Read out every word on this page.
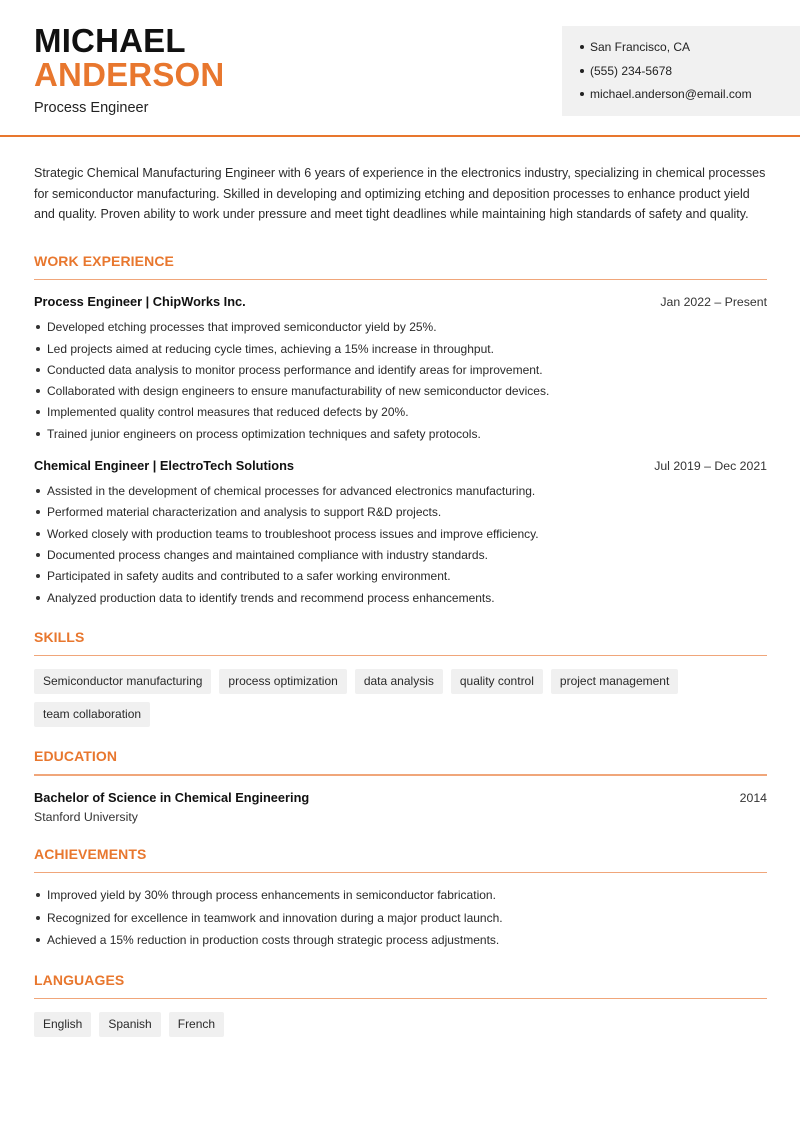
MICHAEL
ANDERSON
Process Engineer
San Francisco, CA
(555) 234-5678
michael.anderson@email.com

Strategic Chemical Manufacturing Engineer with 6 years of experience in the electronics industry, specializing in chemical processes for semiconductor manufacturing. Skilled in developing and optimizing etching and deposition processes to enhance product yield and quality. Proven ability to work under pressure and meet tight deadlines while maintaining high standards of safety and quality.

WORK EXPERIENCE
Process Engineer | ChipWorks Inc.	Jan 2022 – Present
Developed etching processes that improved semiconductor yield by 25%.
Led projects aimed at reducing cycle times, achieving a 15% increase in throughput.
Conducted data analysis to monitor process performance and identify areas for improvement.
Collaborated with design engineers to ensure manufacturability of new semiconductor devices.
Implemented quality control measures that reduced defects by 20%.
Trained junior engineers on process optimization techniques and safety protocols.
Chemical Engineer | ElectroTech Solutions	Jul 2019 – Dec 2021
Assisted in the development of chemical processes for advanced electronics manufacturing.
Performed material characterization and analysis to support R&D projects.
Worked closely with production teams to troubleshoot process issues and improve efficiency.
Documented process changes and maintained compliance with industry standards.
Participated in safety audits and contributed to a safer working environment.
Analyzed production data to identify trends and recommend process enhancements.
SKILLS
Semiconductor manufacturing	process optimization	data analysis	quality control	project management
team collaboration
EDUCATION
Bachelor of Science in Chemical Engineering	2014
Stanford University
ACHIEVEMENTS
Improved yield by 30% through process enhancements in semiconductor fabrication.
Recognized for excellence in teamwork and innovation during a major product launch.
Achieved a 15% reduction in production costs through strategic process adjustments.
LANGUAGES
English	Spanish	French
